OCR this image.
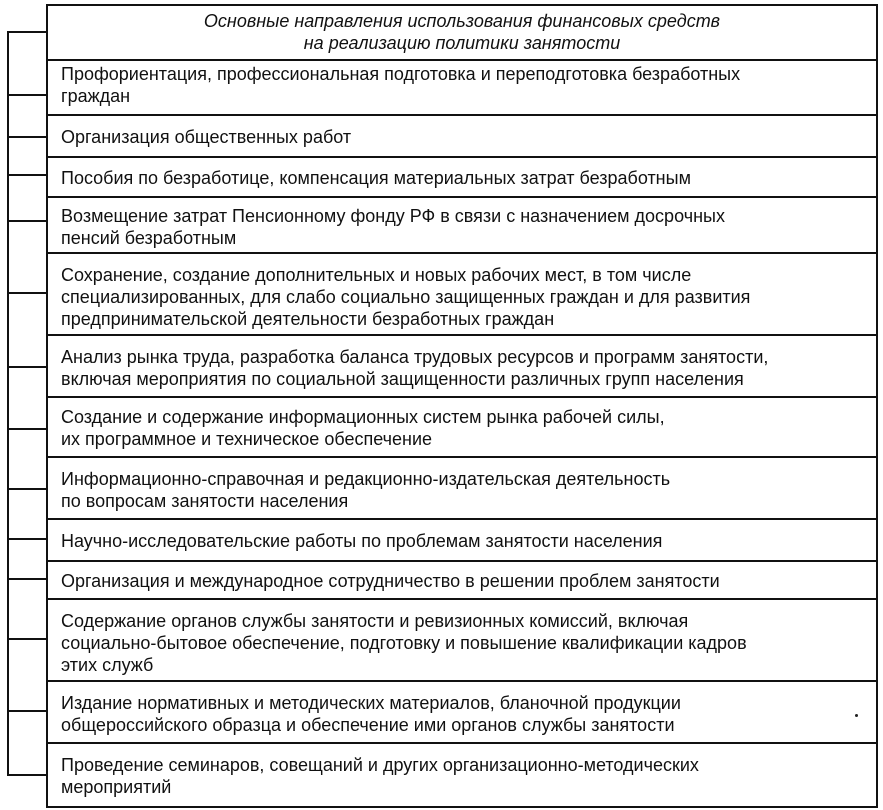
Основные направления использования финансовых средств
на реализацию политики занятости
Профориентация, профессиональная подготовка и переподготовка безработных
граждан
Организация общественных работ
Пособия по безработице, компенсация материальных затрат безработным
Возмещение затрат Пенсионному фонду РФ в связи с назначением досрочных
пенсий безработным
Сохранение, создание дополнительных и новых рабочих мест, в том числе
специализированных, для слабо социально защищенных граждан и для развития
предпринимательской деятельности безработных граждан
Анализ рынка труда, разработка баланса трудовых ресурсов и программ занятости,
включая мероприятия по социальной защищенности различных групп населения
Создание и содержание информационных систем рынка рабочей силы,
их программное и техническое обеспечение
Информационно-справочная и редакционно-издательская деятельность
по вопросам занятости населения
Научно-исследовательские работы по проблемам занятости населения
Организация и международное сотрудничество в решении проблем занятости
Содержание органов службы занятости и ревизионных комиссий, включая
социально-бытовое обеспечение, подготовку и повышение квалификации кадров
этих служб
Издание нормативных и методических материалов, бланочной продукции
общероссийского образца и обеспечение ими органов службы занятости
Проведение семинаров, совещаний и других организационно-методических
мероприятий
